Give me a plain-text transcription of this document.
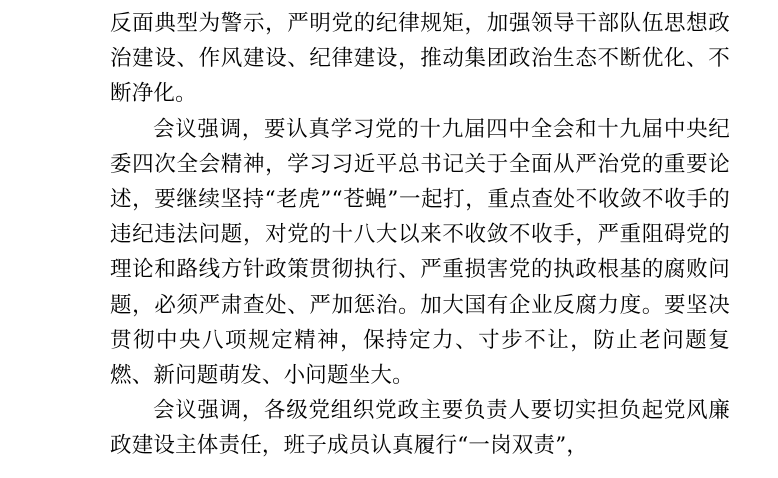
反面典型为警示，严明党的纪律规矩，加强领导干部队伍思想政治建设、作风建设、纪律建设，推动集团政治生态不断优化、不断净化。

会议强调，要认真学习党的十九届四中全会和十九届中央纪委四次全会精神，学习习近平总书记关于全面从严治党的重要论述，要继续坚持“老虎”“苍蝇”一起打，重点查处不收敛不收手的违纪违法问题，对党的十八大以来不收敛不收手，严重阻碍党的理论和路线方针政策贯彻执行、严重损害党的执政根基的腐败问题，必须严肃查处、严加惩治。加大国有企业反腐力度。要坚决贯彻中央八项规定精神，保持定力、寸步不让，防止老问题复燃、新问题萌发、小问题坐大。

会议强调，各级党组织党政主要负责人要切实担负起党风廉政建设主体责任，班子成员认真履行“一岗双责”，
